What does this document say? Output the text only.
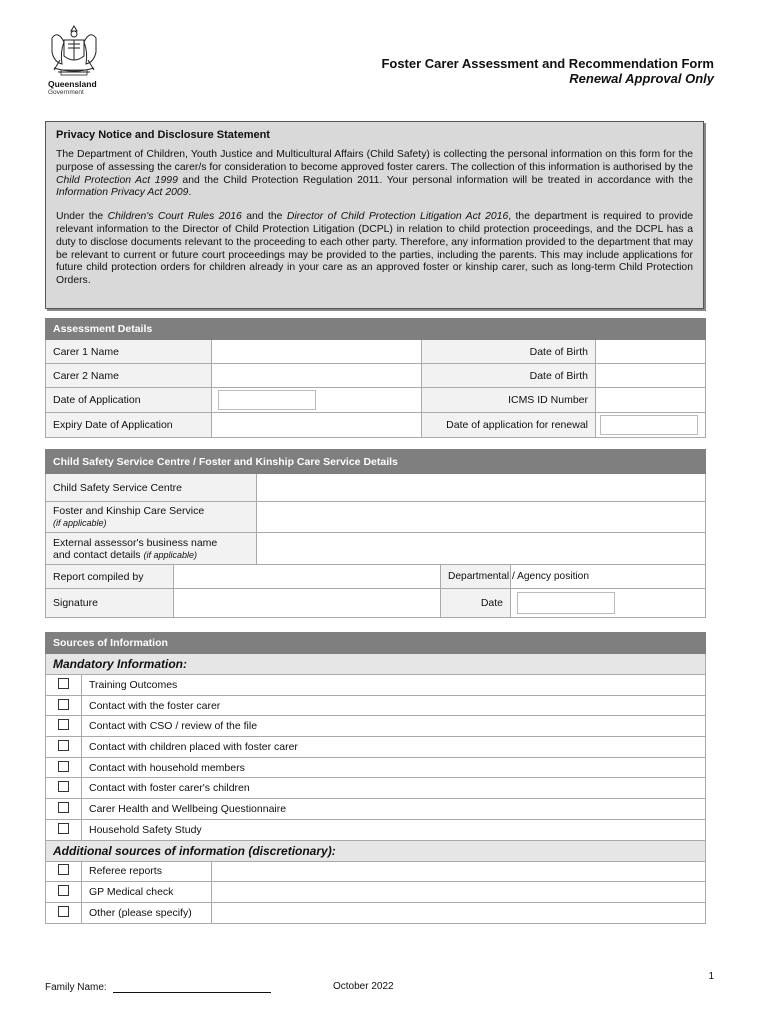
Queensland
Government
Foster Carer Assessment and Recommendation Form
Renewal Approval Only
Privacy Notice and Disclosure Statement

The Department of Children, Youth Justice and Multicultural Affairs (Child Safety) is collecting the personal information on this form for the purpose of assessing the carer/s for consideration to become approved foster carers. The collection of this information is authorised by the Child Protection Act 1999 and the Child Protection Regulation 2011. Your personal information will be treated in accordance with the Information Privacy Act 2009.

Under the Children's Court Rules 2016 and the Director of Child Protection Litigation Act 2016, the department is required to provide relevant information to the Director of Child Protection Litigation (DCPL) in relation to child protection proceedings, and the DCPL has a duty to disclose documents relevant to the proceeding to each other party. Therefore, any information provided to the department that may be relevant to current or future court proceedings may be provided to the parties, including the parents. This may include applications for future child protection orders for children already in your care as an approved foster or kinship carer, such as long-term Child Protection Orders.

Assessment Details			
Carer 1 Name		Date of Birth	
Carer 2 Name		Date of Birth	
Date of Application		ICMS ID Number	
Expiry Date of Application		Date of application for renewal	
Child Safety Service Centre / Foster and Kinship Care Service Details				
Child Safety Service Centre				
Foster and Kinship Care Service
(if applicable)				
External assessor's business name
and contact details (if applicable)				
Report compiled by			Departmental / Agency position	
Signature			Date	
Sources of Information		
Mandatory Information:		
	Training Outcomes	
	Contact with the foster carer	
	Contact with CSO / review of the file	
	Contact with children placed with foster carer	
	Contact with household members	
	Contact with foster carer's children	
	Carer Health and Wellbeing Questionnaire	
	Household Safety Study	
Additional sources of information (discretionary):		
	Referee reports	
	GP Medical check	
	Other (please specify)	
1
Family Name:	October 2022
